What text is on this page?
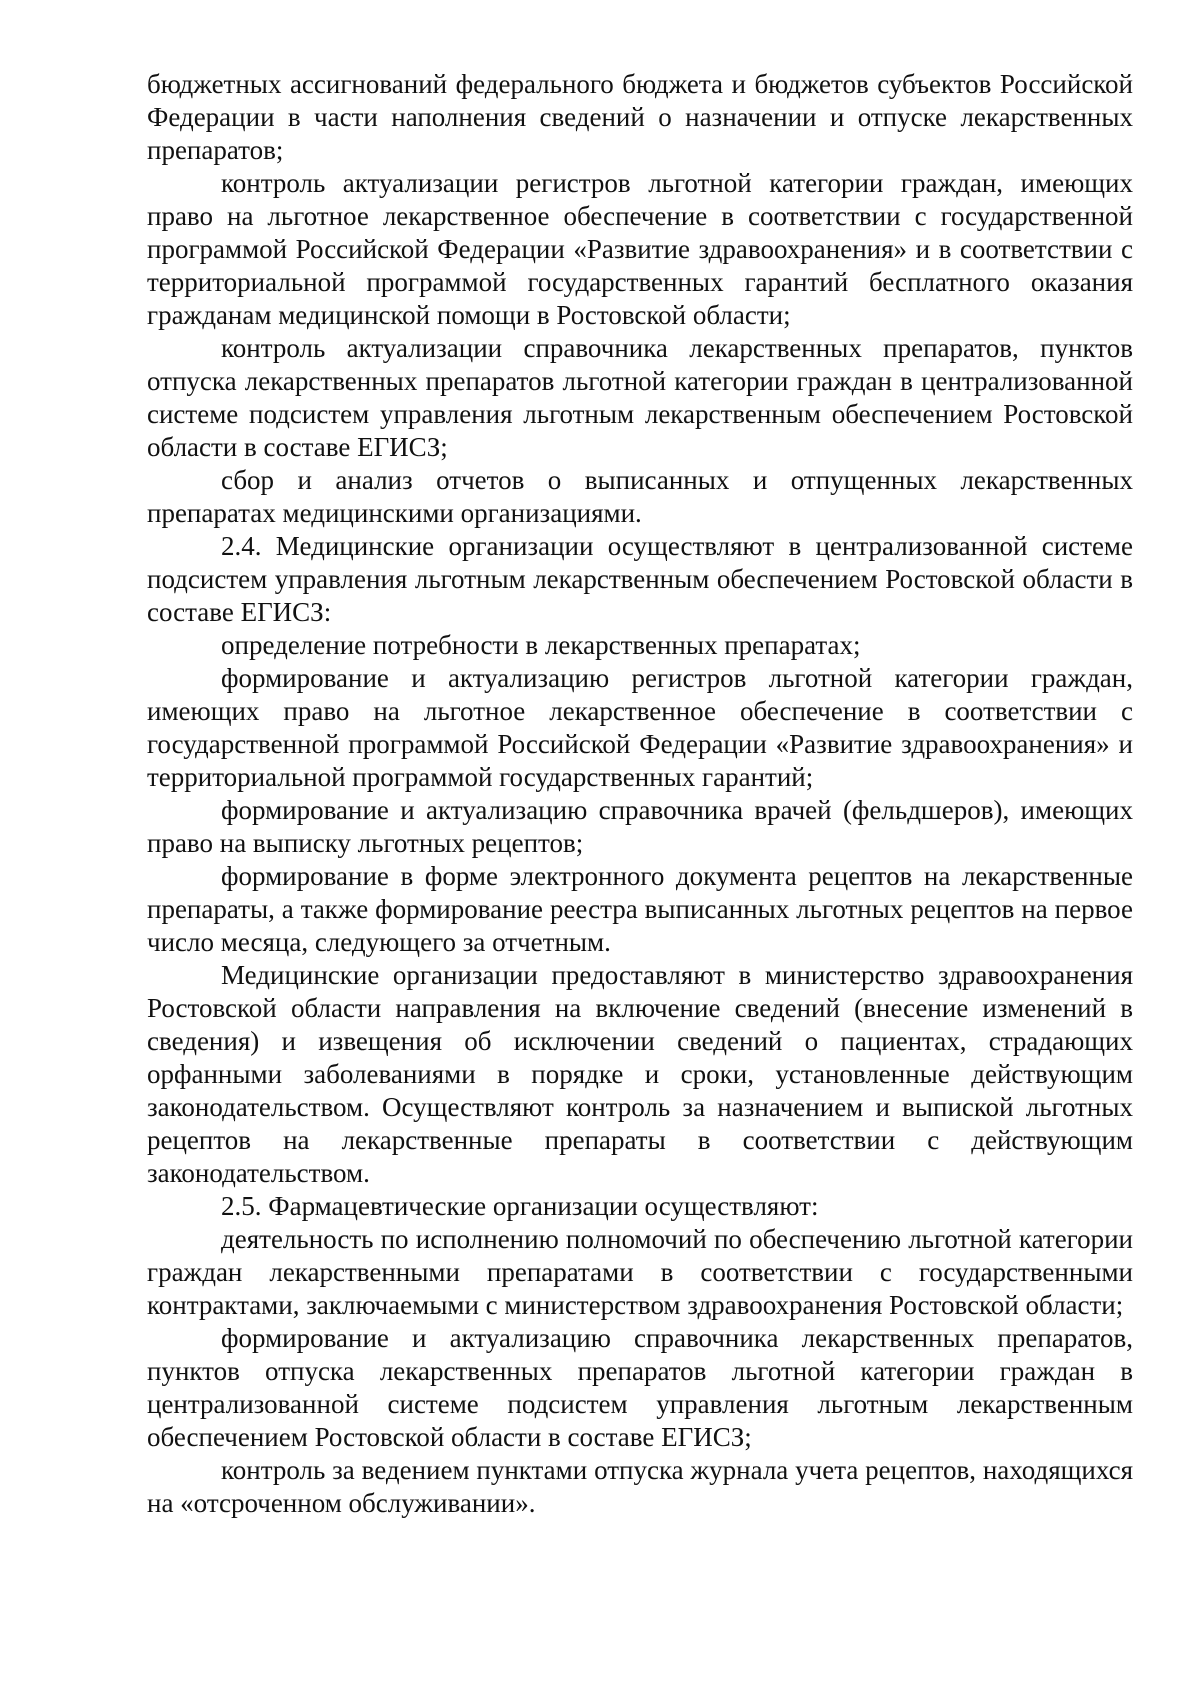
бюджетных ассигнований федерального бюджета и бюджетов субъектов Российской Федерации в части наполнения сведений о назначении и отпуске лекарственных препаратов;

контроль актуализации регистров льготной категории граждан, имеющих право на льготное лекарственное обеспечение в соответствии с государственной программой Российской Федерации «Развитие здравоохранения» и в соответствии с территориальной программой государственных гарантий бесплатного оказания гражданам медицинской помощи в Ростовской области;

контроль актуализации справочника лекарственных препаратов, пунктов отпуска лекарственных препаратов льготной категории граждан в централизованной системе подсистем управления льготным лекарственным обеспечением Ростовской области в составе ЕГИСЗ;

сбор и анализ отчетов о выписанных и отпущенных лекарственных препаратах медицинскими организациями.

2.4. Медицинские организации осуществляют в централизованной системе подсистем управления льготным лекарственным обеспечением Ростовской области в составе ЕГИСЗ:

определение потребности в лекарственных препаратах;

формирование и актуализацию регистров льготной категории граждан, имеющих право на льготное лекарственное обеспечение в соответствии с государственной программой Российской Федерации «Развитие здравоохранения» и территориальной программой государственных гарантий;

формирование и актуализацию справочника врачей (фельдшеров), имеющих право на выписку льготных рецептов;

формирование в форме электронного документа рецептов на лекарственные препараты, а также формирование реестра выписанных льготных рецептов на первое число месяца, следующего за отчетным.

Медицинские организации предоставляют в министерство здравоохранения Ростовской области направления на включение сведений (внесение изменений в сведения) и извещения об исключении сведений о пациентах, страдающих орфанными заболеваниями в порядке и сроки, установленные действующим законодательством. Осуществляют контроль за назначением и выпиской льготных рецептов на лекарственные препараты в соответствии с действующим законодательством.

2.5. Фармацевтические организации осуществляют:

деятельность по исполнению полномочий по обеспечению льготной категории граждан лекарственными препаратами в соответствии с государственными контрактами, заключаемыми с министерством здравоохранения Ростовской области;

формирование и актуализацию справочника лекарственных препаратов, пунктов отпуска лекарственных препаратов льготной категории граждан в централизованной системе подсистем управления льготным лекарственным обеспечением Ростовской области в составе ЕГИСЗ;

контроль за ведением пунктами отпуска журнала учета рецептов, находящихся на «отсроченном обслуживании».
